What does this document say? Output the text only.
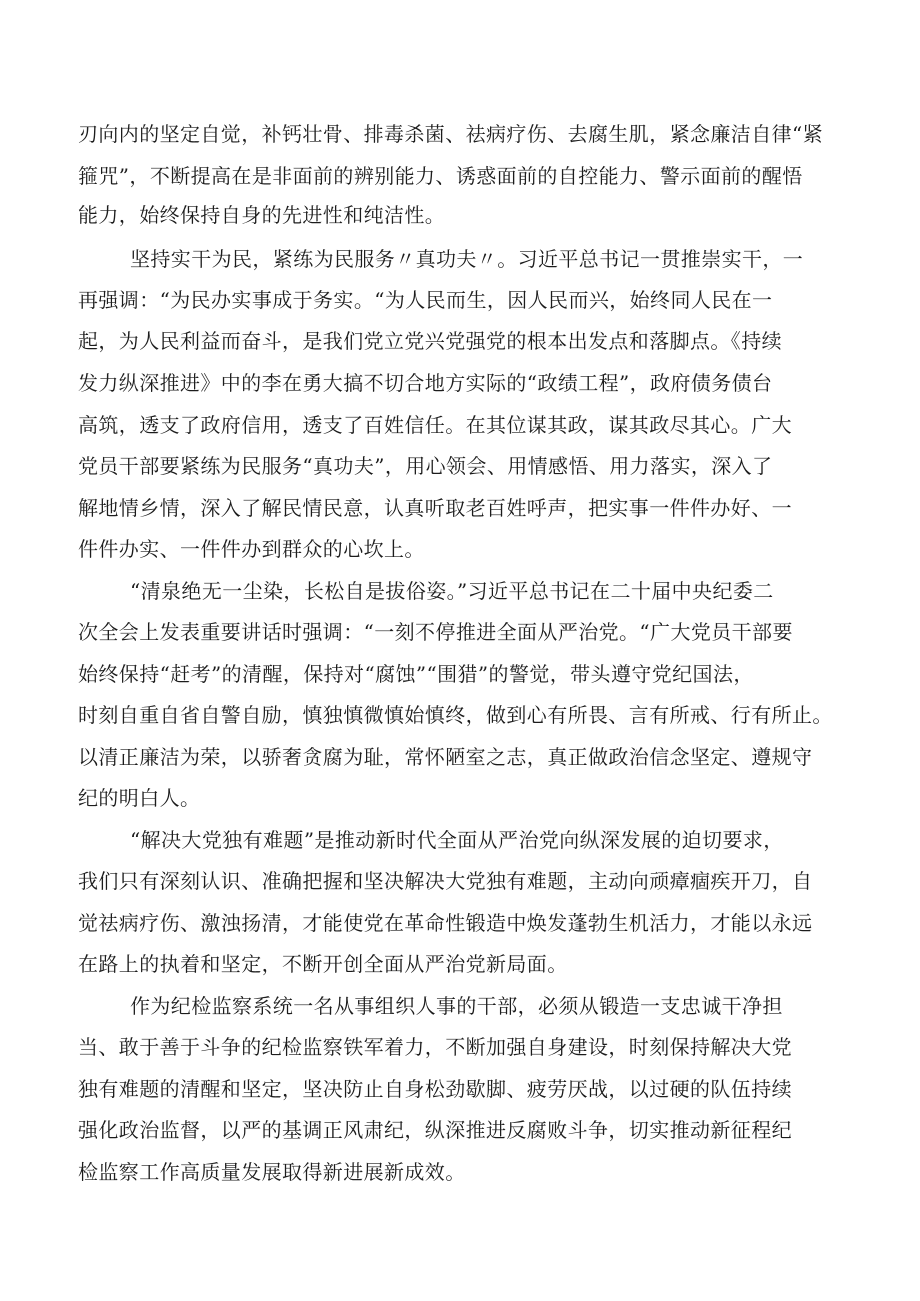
刃向内的坚定自觉，补钙壮骨、排毒杀菌、祛病疗伤、去腐生肌，紧念廉洁自律“紧
箍咒”，不断提高在是非面前的辨别能力、诱惑面前的自控能力、警示面前的醒悟
能力，始终保持自身的先进性和纯洁性。
坚持实干为民，紧练为民服务〃真功夫〃。习近平总书记一贯推崇实干，一
再强调：“为民办实事成于务实。“为人民而生，因人民而兴，始终同人民在一
起，为人民利益而奋斗，是我们党立党兴党强党的根本出发点和落脚点。《持续
发力纵深推进》中的李在勇大搞不切合地方实际的“政绩工程”，政府债务债台
高筑，透支了政府信用，透支了百姓信任。在其位谋其政，谋其政尽其心。广大
党员干部要紧练为民服务“真功夫”，用心领会、用情感悟、用力落实，深入了
解地情乡情，深入了解民情民意，认真听取老百姓呼声，把实事一件件办好、一
件件办实、一件件办到群众的心坎上。
“清泉绝无一尘染，长松自是拔俗姿。”习近平总书记在二十届中央纪委二
次全会上发表重要讲话时强调：“一刻不停推进全面从严治党。“广大党员干部要
始终保持“赶考”的清醒，保持对“腐蚀”“围猎”的警觉，带头遵守党纪国法，
时刻自重自省自警自励，慎独慎微慎始慎终，做到心有所畏、言有所戒、行有所止。
以清正廉洁为荣，以骄奢贪腐为耻，常怀陋室之志，真正做政治信念坚定、遵规守
纪的明白人。
“解决大党独有难题”是推动新时代全面从严治党向纵深发展的迫切要求，
我们只有深刻认识、准确把握和坚决解决大党独有难题，主动向顽瘴痼疾开刀，自
觉祛病疗伤、激浊扬清，才能使党在革命性锻造中焕发蓬勃生机活力，才能以永远
在路上的执着和坚定，不断开创全面从严治党新局面。
作为纪检监察系统一名从事组织人事的干部，必须从锻造一支忠诚干净担
当、敢于善于斗争的纪检监察铁军着力，不断加强自身建设，时刻保持解决大党
独有难题的清醒和坚定，坚决防止自身松劲歇脚、疲劳厌战，以过硬的队伍持续
强化政治监督，以严的基调正风肃纪，纵深推进反腐败斗争，切实推动新征程纪
检监察工作高质量发展取得新进展新成效。
